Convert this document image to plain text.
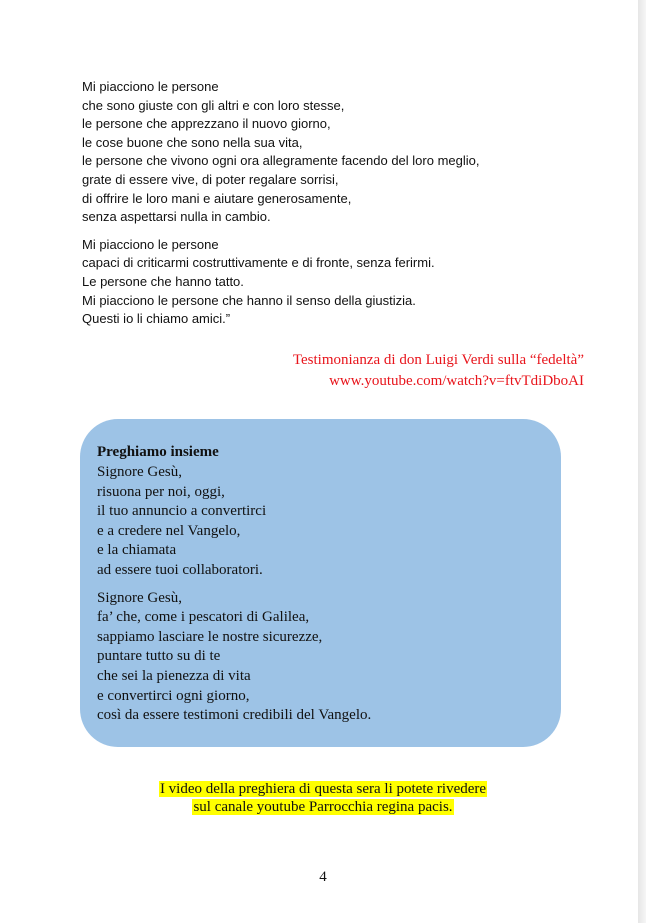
Mi piacciono le persone
che sono giuste con gli altri e con loro stesse,
le persone che apprezzano il nuovo giorno,
le cose buone che sono nella sua vita,
le persone che vivono ogni ora allegramente facendo del loro meglio,
grate di essere vive, di poter regalare sorrisi,
di offrire le loro mani e aiutare generosamente,
senza aspettarsi nulla in cambio.
Mi piacciono le persone
capaci di criticarmi costruttivamente e di fronte, senza ferirmi.
Le persone che hanno tatto.
Mi piacciono le persone che hanno il senso della giustizia.
Questi io li chiamo amici.”
Testimonianza di don Luigi Verdi sulla “fedeltà”
www.youtube.com/watch?v=ftvTdiDboAI
Preghiamo insieme
Signore Gesù,
risuona per noi, oggi,
il tuo annuncio a convertirci
e a credere nel Vangelo,
e la chiamata
ad essere tuoi collaboratori.
Signore Gesù,
fa’ che, come i pescatori di Galilea,
sappiamo lasciare le nostre sicurezze,
puntare tutto su di te
che sei la pienezza di vita
e convertirci ogni giorno,
così da essere testimoni credibili del Vangelo.
I video della preghiera di questa sera li potete rivedere
sul canale youtube Parrocchia regina pacis.
4
